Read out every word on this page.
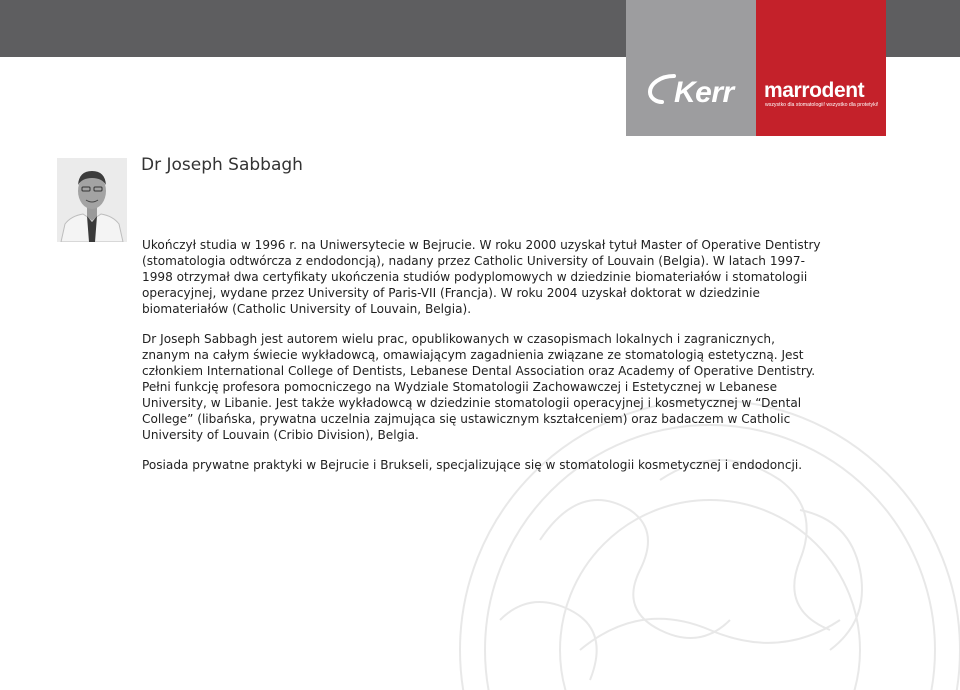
Kerr marrodent
wszystko dla stomatologii! wszystko dla protetyki!
Dr Joseph Sabbagh

Ukończył studia w 1996 r. na Uniwersytecie w Bejrucie. W roku 2000 uzyskał tytuł Master of Operative Dentistry (stomatologia odtwórcza z endodoncją), nadany przez Catholic University of Louvain (Belgia). W latach 1997-1998 otrzymał dwa certyfikaty ukończenia studiów podyplomowych w dziedzinie biomateriałów i stomatologii operacyjnej, wydane przez University of Paris-VII (Francja). W roku 2004 uzyskał doktorat w dziedzinie biomateriałów (Catholic University of Louvain, Belgia).

Dr Joseph Sabbagh jest autorem wielu prac, opublikowanych w czasopismach lokalnych i zagranicznych, znanym na całym świecie wykładowcą, omawiającym zagadnienia związane ze stomatologią estetyczną. Jest członkiem International College of Dentists, Lebanese Dental Association oraz Academy of Operative Dentistry. Pełni funkcję profesora pomocniczego na Wydziale Stomatologii Zachowawczej i Estetycznej w Lebanese University, w Libanie. Jest także wykładowcą w dziedzinie stomatologii operacyjnej i kosmetycznej w “Dental College” (libańska, prywatna uczelnia zajmująca się ustawicznym kształceniem) oraz badaczem w Catholic University of Louvain (Cribio Division), Belgia.

Posiada prywatne praktyki w Bejrucie i Brukseli, specjalizujące się w stomatologii kosmetycznej i endodoncji.
